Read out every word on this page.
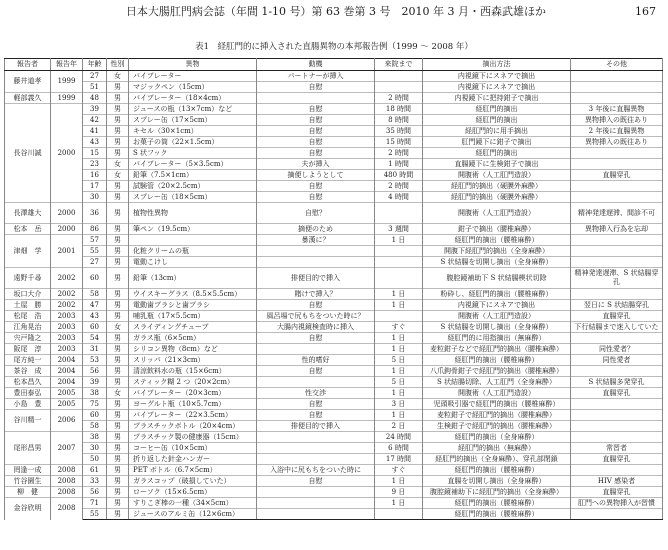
日本大腸肛門病会誌（年間 1-10 号）第 63 巻第 3 号　2010 年 3 月・西森武雄ほか	167
表1　経肛門的に挿入された直腸異物の本邦報告例（1999 ～ 2008 年）
報告者	報告年	年齢	性別	異物	動機	来院まで	摘出方法	その他
藤井道孝	1999	27	女	バイブレーター	パートナーが挿入		内視鏡下にスネアで摘出	
		51	男	マジックペン（15cm）	自慰		内視鏡下にスネアで摘出	
軽部義久	1999	48	男	バイブレーター（18×4cm）		2 時間	内視鏡下に把持鉗子で摘出	
長谷川誠	2000	39	男	ジュースの瓶（13×7cm）など	自慰	18 時間	経肛門的摘出	3 年後に直腸異物
		42	男	スプレー缶（17×5cm）	自慰	8 時間	経肛門的摘出	異物挿入の既往あり
		41	男	キセル（30×1cm）	自慰	35 時間	経肛門的に用手摘出	2 年後に直腸異物
		43	男	お菓子の筒（22×1.5cm）	自慰	15 時間	肛門鏡下に鉗子で摘出	異物挿入の既往あり
		15	男	S 状フック	自慰	2 時間	経肛門的摘出	
		23	女	バイブレーター（5×3.5cm）	夫が挿入	1 時間	直腸鏡下に生検鉗子で摘出	
		16	女	鉛筆（7.5×1cm）	摘便しようとして	480 時間	開腹術（人工肛門造設）	直腸穿孔
		17	男	試験管（20×2.5cm）	自慰	2 時間	経肛門的摘出（硬膜外麻酔）	
		30	男	スプレー缶（18×5cm）	自慰	4 時間	経肛門的摘出（硬膜外麻酔）	
長澤雄大	2000	36	男	植物性異物	自慰？		開腹術（人工肛門造設）	精神発達遅滞、間診不可
松本　岳	2000	86	男	筆ペン（19.5cm）	摘便のため	3 週間	鉗子で摘出（腰椎麻酔）	異物挿入行為を忘却
津畑　学	2001	57	男		暴漢に？	1 日	経肛門的摘出（腰椎麻酔）	
		55	男	化粧クリームの瓶			開腹下経肛門的摘出（全身麻酔）	
		27	男	電動こけし			S 状結腸を切開し摘出（全身麻酔）	
遠野千尋	2002	60	男	鉛筆（13cm）	排便目的で挿入		腹腔鏡補助下 S 状結腸楔状切除	精神発達遅滞、S 状結腸穿孔
坂口大介	2002	58	男	ウイスキーグラス（8.5×5.5cm）	賭けで挿入？	1 日	粉砕し、経肛門的摘出（腰椎麻酔）	
土屋　勝	2002	47	男	電動歯ブラシと歯ブラシ	自慰	1 日	内視鏡下にスネアで摘出	翌日に S 状結腸穿孔
松尾　浩	2003	43	男	哺乳瓶（17×5.5cm）	風呂場で尻もちをついた時に？		開腹術（人工肛門造設）	直腸穿孔
江角晃治	2003	60	女	スライディングチューブ	大腸内視鏡検査時に挿入	すぐ	S 状結腸を切開し摘出（全身麻酔）	下行結腸まで迷入していた
宍戸隆之	2003	54	男	ガラス瓶（6×5cm）	自慰	1 日	経肛門的に用指摘出（無麻酔）	
阪尾　淳	2003	31	男	シリコン異物（8cm）など		1 日	麦粒鉗子などで経肛門的摘出（腰椎麻酔）	同性愛者？
尾方純一	2004	53	男	スリッパ（21×3cm）	性的嗜好	5 日	経肛門的摘出（腰椎麻酔）	同性愛者
茶谷　成	2004	56	男	清涼飲料水の瓶（15×6cm）	自慰	1 日	八爪鉤骨鉗子で経肛門的摘出（腰椎麻酔）	
松本昌久	2004	39	男	スティック糊 2 つ（20×2cm）		5 日	S 状結腸切除、人工肛門（全身麻酔）	S 状結腸多発穿孔
豊田泰弘	2005	38	女	バイブレーター（20×3cm）	性交渉	1 日	開腹術（人工肛門造設）	直腸穿孔
小島　豊	2005	75	男	ヨーグルト瓶（10×5.7cm）	自慰	3 日	児頭吸引器で経肛門的摘出（腰椎麻酔）	
谷川精一	2006	60	男	バイブレーター（22×3.5cm）	自慰	1 日	麦粒鉗子で経肛門的摘出（腰椎麻酔）	
		58	男	プラスチックボトル（20×4cm）	排便目的で挿入	2 日	生検鉗子で経肛門的摘出（腰椎麻酔）	
尾形昌男	2007	38	男	プラスチック製の健康器（15cm）		24 時間	経肛門的摘出（全身麻酔）	
		30	男	コーヒー缶（10×5cm）		6 時間	経肛門的摘出（無麻酔）	常習者
		50	男	折り返した針金ハンガー		17 時間	経肛門的摘出（全身麻酔）、穿孔部閉鎖	直腸穿孔
罔逢一成	2008	61	男	PET ボトル（6.7×5cm）	入浴中に尻もちをついた時に	すぐ	経肛門的摘出（腰椎麻酔）	
竹谷園生	2008	33	男	ガラスコップ（破損していた）	自慰	1 日	直腸を切開し摘出（全身麻酔）	HIV 感染者
柳　健	2008	56	男	ローソク（15×6.5cm）		9 日	腹腔鏡補助下に経肛門的摘出（全身麻酔）	直腸穿孔
金谷欣明	2008	71	男	すりこぎ棒の一種（34×5cm）		1 日	経肛門的摘出（腰椎麻酔）	肛門への異物挿入が習慣
		55	男	ジュースのアルミ缶（12×6cm）			経肛門的摘出（腰椎麻酔）	
